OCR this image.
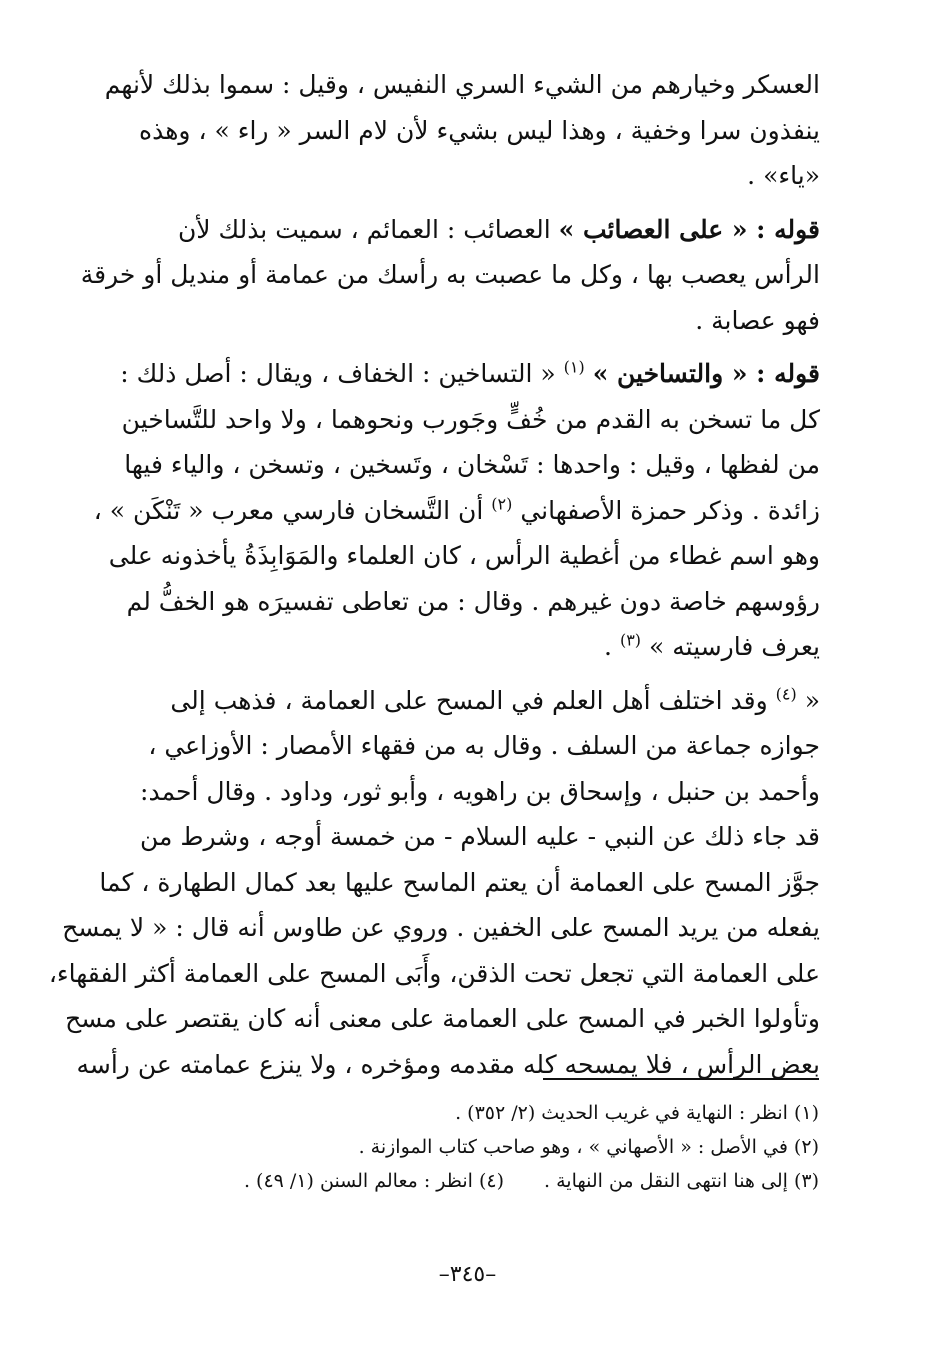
العسكر وخيارهم من الشيء السري النفيس ، وقيل : سموا بذلك لأنهم
ينفذون سرا وخفية ، وهذا ليس بشيء لأن لام السر « راء » ، وهذه
«ياء» .

قوله : « على العصائب » العصائب : العمائم ، سميت بذلك لأن
الرأس يعصب بها ، وكل ما عصبت به رأسك من عمامة أو منديل أو خرقة
فهو عصابة .

قوله : « والتساخين » $^{(١)}$ « التساخين : الخفاف ، ويقال : أصل ذلك :
كل ما تسخن به القدم من خُفٍّ وجَورب ونحوهما ، ولا واحد للتَّساخين
من لفظها ، وقيل : واحدها : تَسْخان ، وتَسخين ، وتسخن ، والياء فيها
زائدة . وذكر حمزة الأصفهاني $^{(٢)}$ أن التَّسخان فارسي معرب « تَنْكَن » ،
وهو اسم غطاء من أغطية الرأس ، كان العلماء والمَوَابِذَةُ يأخذونه على
رؤوسهم خاصة دون غيرهم . وقال : من تعاطى تفسيرَه هو الخفُّ لم
يعرف فارسيته » $^{(٣)}$ .

« $^{(٤)}$ وقد اختلف أهل العلم في المسح على العمامة ، فذهب إلى
جوازه جماعة من السلف . وقال به من فقهاء الأمصار : الأوزاعي ،
وأحمد بن حنبل ، وإسحاق بن راهويه ، وأبو ثور، وداود . وقال أحمد:
قد جاء ذلك عن النبي - عليه السلام - من خمسة أوجه ، وشرط من
جوَّز المسح على العمامة أن يعتم الماسح عليها بعد كمال الطهارة ، كما
يفعله من يريد المسح على الخفين . وروي عن طاوس أنه قال : « لا يمسح
على العمامة التي تجعل تحت الذقن، وأَبَى المسح على العمامة أكثر الفقهاء،
وتأولوا الخبر في المسح على العمامة على معنى أنه كان يقتصر على مسح
بعض الرأس ، فلا يمسحه كله مقدمه ومؤخره ، ولا ينزع عمامته عن رأسه

(١) انظر : النهاية في غريب الحديث (٢/ ٣٥٢) .
(٢) في الأصل : « الأصهاني » ، وهو صاحب كتاب الموازنة .
(٣) إلى هنا انتهى النقل من النهاية .(٤) انظر : معالم السنن (١/ ٤٩) .
–٣٤٥–
